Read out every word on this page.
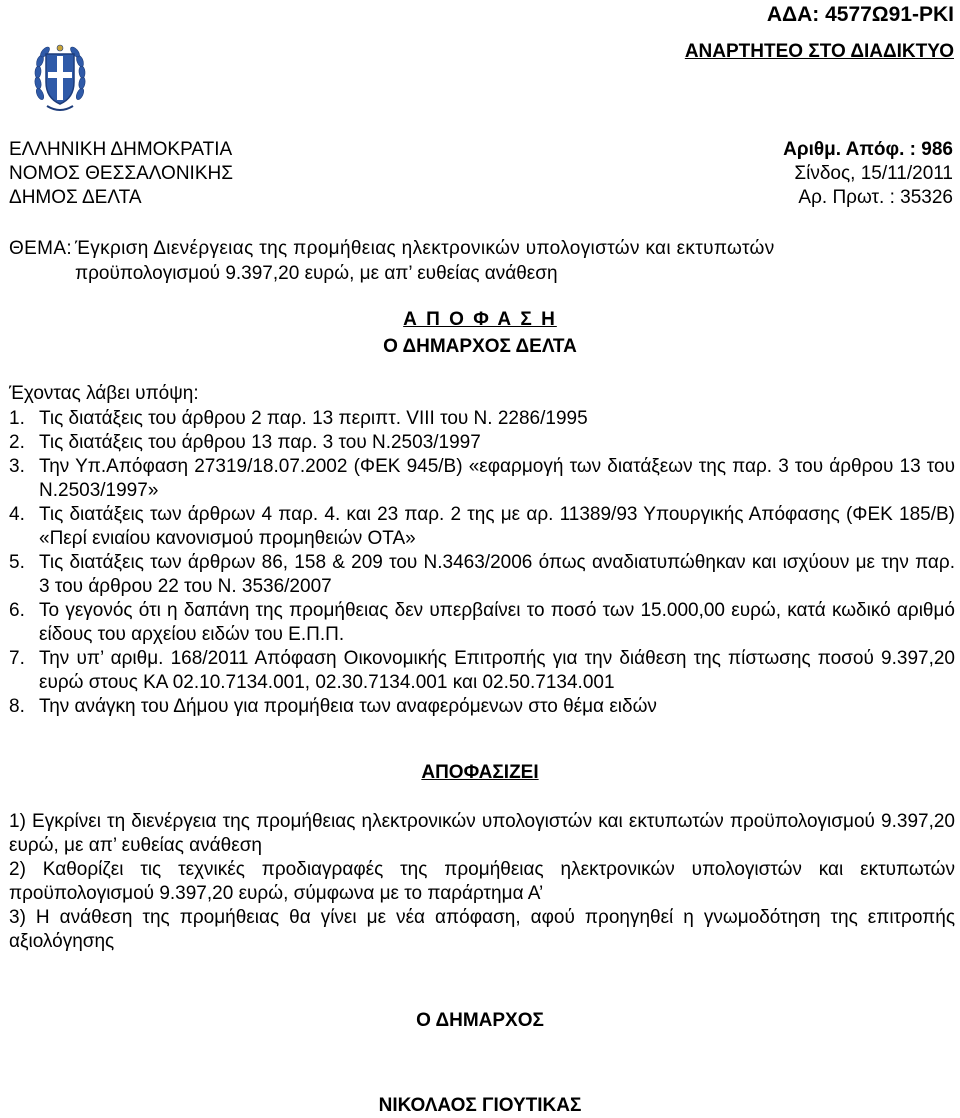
ΑΔΑ: 4577Ω91-ΡΚΙ
ΑΝΑΡΤΗΤΕΟ ΣΤΟ ΔΙΑΔΙΚΤΥΟ
ΕΛΛΗΝΙΚΗ ΔΗΜΟΚΡΑΤΙΑ	Αριθμ. Απόφ. : 986
ΝΟΜΟΣ ΘΕΣΣΑΛΟΝΙΚΗΣ	Σίνδος, 15/11/2011
ΔΗΜΟΣ ΔΕΛΤΑ	Αρ. Πρωτ. : 35326
ΘΕΜΑ: Έγκριση Διενέργειας της προμήθειας ηλεκτρονικών υπολογιστών και εκτυπωτών
προϋπολογισμού 9.397,20 ευρώ, με απ’ ευθείας ανάθεση
Α Π Ο Φ Α Σ Η
Ο ΔΗΜΑΡΧΟΣ ΔΕΛΤΑ
Έχοντας λάβει υπόψη:
1. Τις διατάξεις του άρθρου 2 παρ. 13 περιπτ. VIII του Ν. 2286/1995
2. Τις διατάξεις του άρθρου 13 παρ. 3 του Ν.2503/1997
3. Την Υπ.Απόφαση 27319/18.07.2002 (ΦΕΚ 945/Β) «εφαρμογή των διατάξεων της παρ. 3 του άρθρου 13 του Ν.2503/1997»
4. Τις διατάξεις των άρθρων 4 παρ. 4. και 23 παρ. 2 της με αρ. 11389/93 Υπουργικής Απόφασης (ΦΕΚ 185/Β) «Περί ενιαίου κανονισμού προμηθειών ΟΤΑ»
5. Τις διατάξεις των άρθρων 86, 158 & 209 του Ν.3463/2006 όπως αναδιατυπώθηκαν και ισχύουν με την παρ. 3 του άρθρου 22 του Ν. 3536/2007
6. Το γεγονός ότι η δαπάνη της προμήθειας δεν υπερβαίνει το ποσό των 15.000,00 ευρώ, κατά κωδικό αριθμό είδους του αρχείου ειδών του Ε.Π.Π.
7. Την υπ’ αριθμ. 168/2011 Απόφαση Οικονομικής Επιτροπής για την διάθεση της πίστωσης ποσού 9.397,20 ευρώ στους ΚΑ 02.10.7134.001, 02.30.7134.001 και 02.50.7134.001
8. Την ανάγκη του Δήμου για προμήθεια των αναφερόμενων στο θέμα ειδών
ΑΠΟΦΑΣΙΖΕΙ

1) Εγκρίνει τη διενέργεια της προμήθειας ηλεκτρονικών υπολογιστών και εκτυπωτών προϋπολογισμού 9.397,20 ευρώ, με απ’ ευθείας ανάθεση

2) Καθορίζει τις τεχνικές προδιαγραφές της προμήθειας ηλεκτρονικών υπολογιστών και εκτυπωτών προϋπολογισμού 9.397,20 ευρώ, σύμφωνα με το παράρτημα Α’

3) Η ανάθεση της προμήθειας θα γίνει με νέα απόφαση, αφού προηγηθεί η γνωμοδότηση της επιτροπής αξιολόγησης

Ο ΔΗΜΑΡΧΟΣ
ΝΙΚΟΛΑΟΣ ΓΙΟΥΤΙΚΑΣ
